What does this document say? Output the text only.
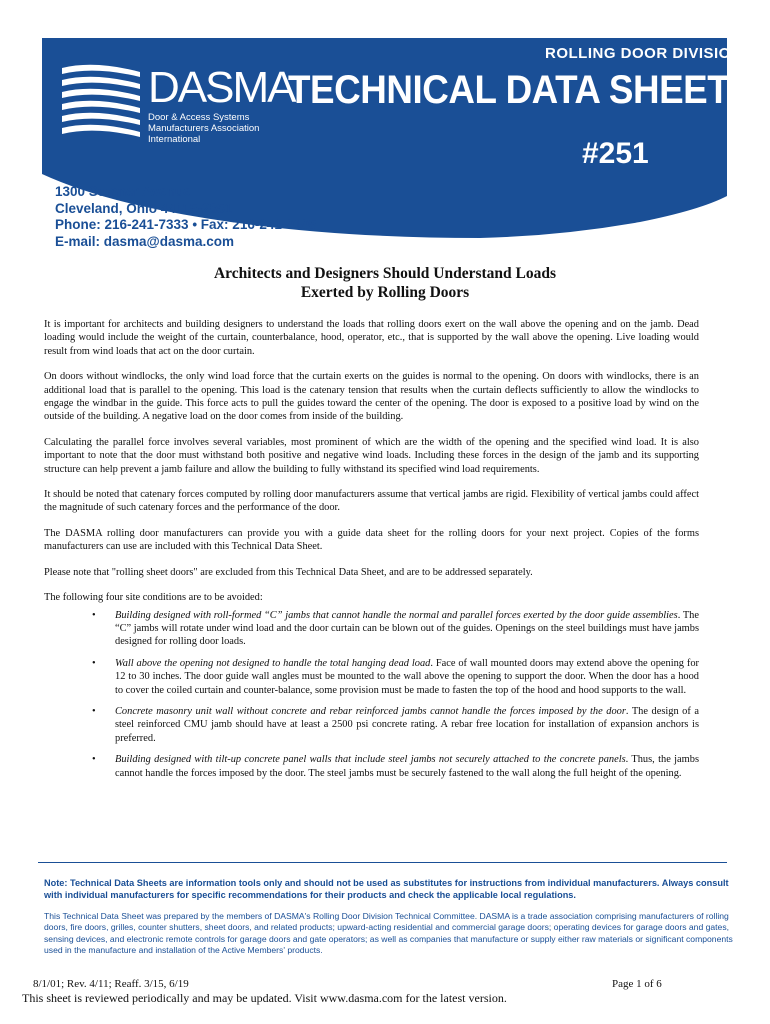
ROLLING DOOR DIVISION
DASMA
TECHNICAL DATA SHEET
Door & Access Systems Manufacturers Association International	#251
1300 Sumner Avenue
Cleveland, Ohio 44115-2851
Phone: 216-241-7333 • Fax: 216-241-0105
E-mail: dasma@dasma.com
Architects and Designers Should Understand Loads
Exerted by Rolling Doors

It is important for architects and building designers to understand the loads that rolling doors exert on the wall above the opening and on the jamb. Dead loading would include the weight of the curtain, counterbalance, hood, operator, etc., that is supported by the wall above the opening. Live loading would result from wind loads that act on the door curtain.

On doors without windlocks, the only wind load force that the curtain exerts on the guides is normal to the opening. On doors with windlocks, there is an additional load that is parallel to the opening. This load is the catenary tension that results when the curtain deflects sufficiently to allow the windlocks to engage the windbar in the guide. This force acts to pull the guides toward the center of the opening. The door is exposed to a positive load by wind on the outside of the building. A negative load on the door comes from inside of the building.

Calculating the parallel force involves several variables, most prominent of which are the width of the opening and the specified wind load. It is also important to note that the door must withstand both positive and negative wind loads. Including these forces in the design of the jamb and its supporting structure can help prevent a jamb failure and allow the building to fully withstand its specified wind load requirements.

It should be noted that catenary forces computed by rolling door manufacturers assume that vertical jambs are rigid. Flexibility of vertical jambs could affect the magnitude of such catenary forces and the performance of the door.

The DASMA rolling door manufacturers can provide you with a guide data sheet for the rolling doors for your next project. Copies of the forms manufacturers can use are included with this Technical Data Sheet.

Please note that "rolling sheet doors" are excluded from this Technical Data Sheet, and are to be addressed separately.

The following four site conditions are to be avoided:

• Building designed with roll-formed “C” jambs that cannot handle the normal and parallel forces exerted by the door guide assemblies. The “C” jambs will rotate under wind load and the door curtain can be blown out of the guides. Openings on the steel buildings must have jambs designed for rolling door loads.
• Wall above the opening not designed to handle the total hanging dead load. Face of wall mounted doors may extend above the opening for 12 to 30 inches. The door guide wall angles must be mounted to the wall above the opening to support the door. When the door has a hood to cover the coiled curtain and counter-balance, some provision must be made to fasten the top of the hood and hood supports to the wall.
• Concrete masonry unit wall without concrete and rebar reinforced jambs cannot handle the forces imposed by the door. The design of a steel reinforced CMU jamb should have at least a 2500 psi concrete rating. A rebar free location for installation of expansion anchors is preferred.
• Building designed with tilt-up concrete panel walls that include steel jambs not securely attached to the concrete panels. Thus, the jambs cannot handle the forces imposed by the door. The steel jambs must be securely fastened to the wall along the full height of the opening.
Note: Technical Data Sheets are information tools only and should not be used as substitutes for instructions from individual manufacturers. Always consult with individual manufacturers for specific recommendations for their products and check the applicable local regulations.
This Technical Data Sheet was prepared by the members of DASMA's Rolling Door Division Technical Committee. DASMA is a trade association comprising manufacturers of rolling doors, fire doors, grilles, counter shutters, sheet doors, and related products; upward-acting residential and commercial garage doors; operating devices for garage doors and gates, sensing devices, and electronic remote controls for garage doors and gate operators; as well as companies that manufacture or supply either raw materials or significant components used in the manufacture and installation of the Active Members' products.
8/1/01; Rev. 4/11; Reaff. 3/15, 6/19	Page 1 of 6
This sheet is reviewed periodically and may be updated. Visit www.dasma.com for the latest version.
